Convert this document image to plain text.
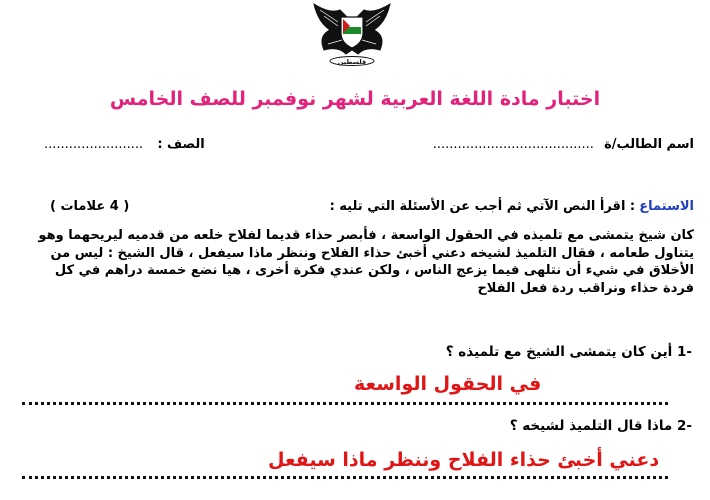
فلسطين
اختبار مادة اللغة العربية لشهر نوفمبر للصف الخامس
اسم الطالب/ة .......................................
الصف : ........................
الاستماع : اقرأ النص الآتي ثم أجب عن الأسئلة التي تليه :
( 4 علامات )
كان شيخ يتمشى مع تلميذه في الحقول الواسعة ، فأبصر حذاء قديما لفلاح خلعه من قدميه ليريحهما وهو يتناول طعامه ، فقال التلميذ لشيخه دعني أخبئ حذاء الفلاح وننظر ماذا سيفعل ، قال الشيخ : ليس من الأخلاق في شيء أن نتلهى فيما يزعج الناس ، ولكن عندي فكرة أخرى ، هيا نضع خمسة دراهم في كل فردة حذاء ونراقب ردة فعل الفلاح
-1 أين كان يتمشى الشيخ مع تلميذه ؟
في الحقول الواسعة
-2 ماذا قال التلميذ لشيخه ؟
دعني أخبئ حذاء الفلاح وننظر ماذا سيفعل
